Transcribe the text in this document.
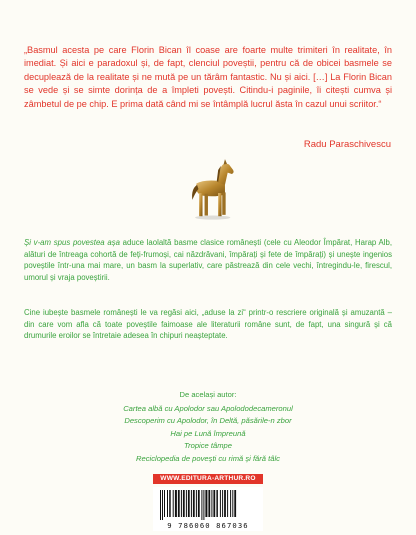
„Basmul acesta pe care Florin Bican îl coase are foarte multe trimiteri în realitate, în imediat. Și aici e paradoxul și, de fapt, clenciul poveștii, pentru că de obicei basmele se decuplează de la realitate și ne mută pe un tărâm fantastic. Nu și aici. […] La Florin Bican se vede și se simte dorința de a împleti povești. Citindu-i paginile, îi citești cumva și zâmbetul de pe chip. E prima dată când mi se întâmplă lucrul ăsta în cazul unui scriitor.“

Radu Paraschivescu

Și v-am spus povestea așa aduce laolaltă basme clasice românești (cele cu Aleodor Împărat, Harap Alb, alături de întreaga cohortă de feți-frumoși, cai năzdrăvani, împărați și fete de împărați) și unește ingenios poveștile într-una mai mare, un basm la superlativ, care păstrează din cele vechi, întregindu-le, firescul, umorul și vraja poveștirii.

Cine iubește basmele românești le va regăsi aici, „aduse la zi“ printr-o rescriere originală și amuzantă – din care vom afla că toate poveștile faimoase ale literaturii române sunt, de fapt, una singură și că drumurile eroilor se întretaie adesea în chipuri neașteptate.

De același autor:

Cartea albă cu Apolodor sau Apolododecameronul
Descoperim cu Apolodor, în Deltă, păsările-n zbor
Hai pe Lună împreună
Tropice tâmpe
Reciclopedia de povești cu rimă și fără tâlc
WWW.EDITURA-ARTHUR.RO
9 786060 867036
